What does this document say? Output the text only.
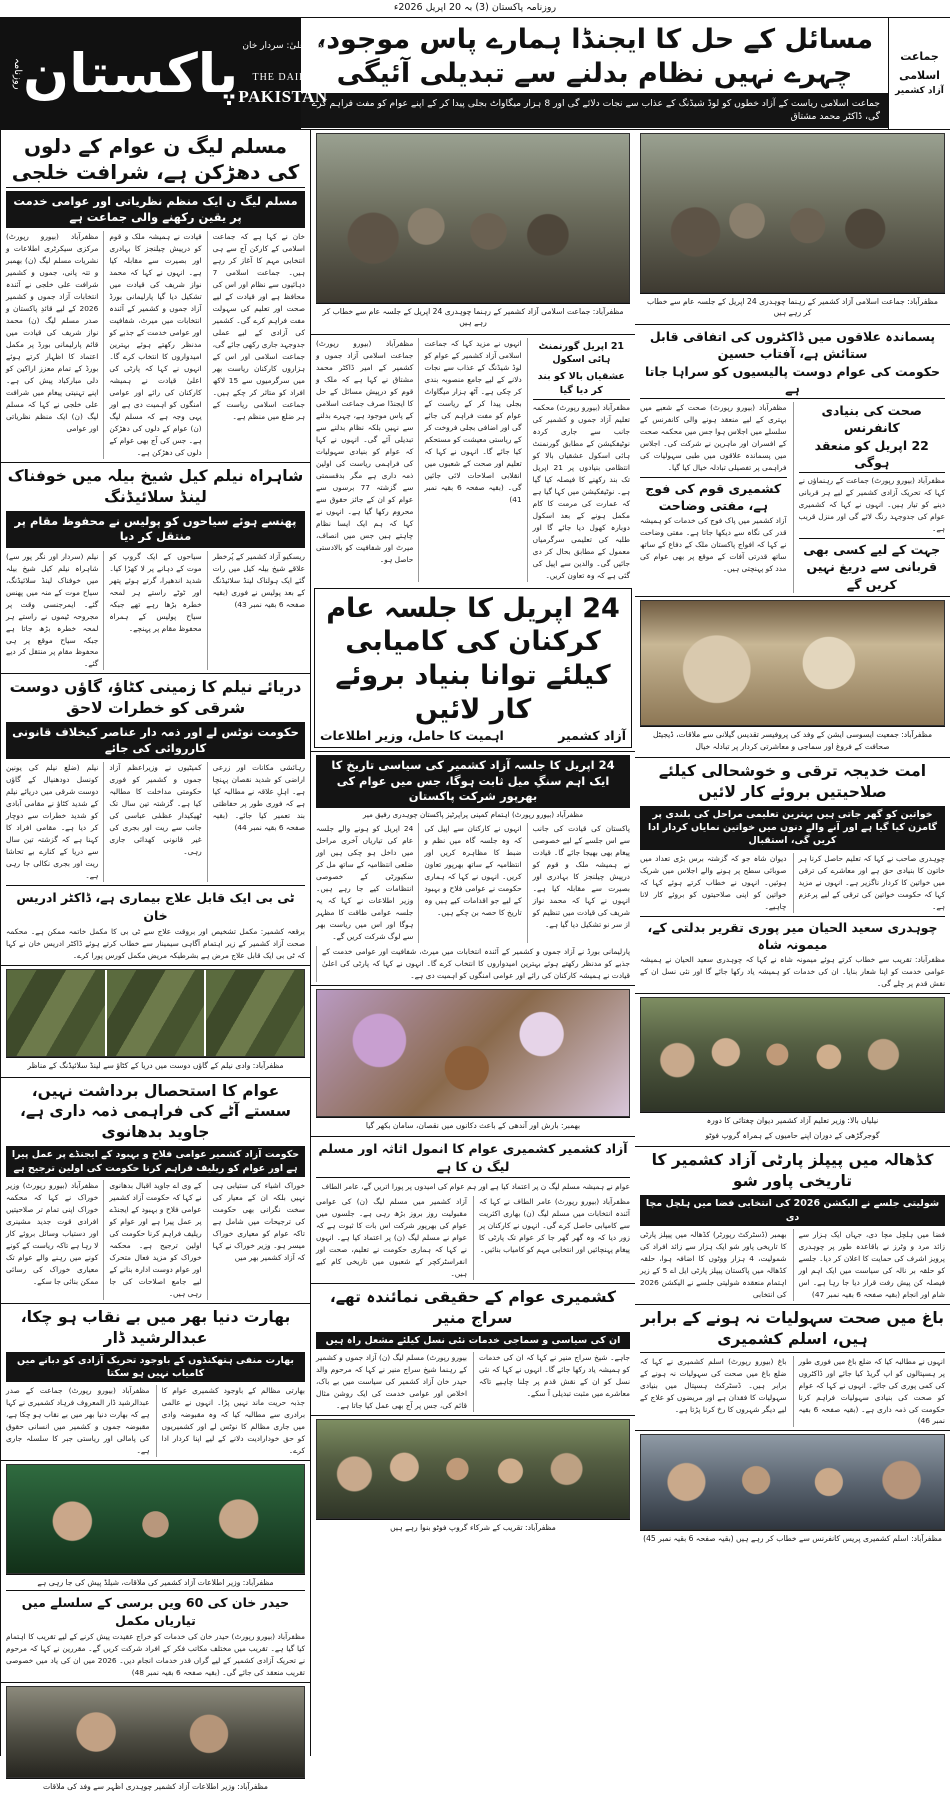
روزنامہ پاکستان (3) بہ 20 اپریل 2026ء
روزنامہ پاکستان مدیر اعلیٰ: سردار خان نیازی
THE DAILY
PAKISTAN
مسائل کے حل کا ایجنڈا ہمارے پاس موجود، چہرے نہیں نظام بدلنے سے تبدیلی آئیگی
جماعت اسلامی ریاست کے آزاد خطوں کو لوڈ شیڈنگ کے عذاب سے نجات دلائے گی اور 8 ہزار میگاواٹ بجلی پیدا کر کے اپنے عوام کو مفت فراہم کرے گی، ڈاکٹر محمد مشتاق
جماعت
اسلامی
آزاد کشمیر
مسلم لیگ ن عوام کے دلوں کی دھڑکن ہے، شرافت خلجی
مسلم لیگ ن ایک منظم نظریاتی اور عوامی خدمت پر یقین رکھنے والی جماعت ہے
مظفرآباد (بیورو رپورٹ) مرکزی سیکرٹری اطلاعات و نشریات مسلم لیگ (ن) بھمبر و تتہ پانی، جموں و کشمیر شرافت علی خلجی نے آئندہ انتخابات آزاد جموں و کشمیر 2026 کے لیے قائدِ پاکستان و صدر مسلم لیگ (ن) محمد نواز شریف کی قیادت میں قائم پارلیمانی بورڈ پر مکمل اعتماد کا اظہار کرتے ہوئے بورڈ کے تمام معزز اراکین کو دلی مبارکباد پیش کی ہے۔ اپنے تہنیتی پیغام میں شرافت علی خلجی نے کہا کہ مسلم لیگ (ن) ایک منظم نظریاتی اور عوامی
قیادت نے ہمیشہ ملک و قوم کو درپیش چیلنجز کا بہادری اور بصیرت سے مقابلہ کیا ہے۔ انہوں نے کہا کہ محمد نواز شریف کی قیادت میں تشکیل دیا گیا پارلیمانی بورڈ آزاد جموں و کشمیر کے آئندہ انتخابات میں میرٹ، شفافیت اور عوامی خدمت کے جذبے کو مدنظر رکھتے ہوئے بہترین امیدواروں کا انتخاب کرے گا۔ انہوں نے کہا کہ پارٹی کی اعلیٰ قیادت نے ہمیشہ کارکنان کی رائے اور عوامی امنگوں کو اہمیت دی ہے اور یہی وجہ ہے کہ مسلم لیگ (ن) عوام کے دلوں کی دھڑکن ہے۔ جس کی آج بھی عوام کے دلوں کی دھڑکن ہے۔
خان نے کہا ہے کہ جماعت اسلامی کے کارکن آج سے ہی انتخابی مہم کا آغاز کر رہے ہیں۔ جماعت اسلامی 7 دہائیوں سے نظام اور اس کی محافظ ہے اور قیادت کے لیے صحت اور تعلیم کی سہولت مفت فراہم کرے گی۔ کشمیر کی آزادی کے لیے عملی جدوجہد جاری رکھی جائے گی، جماعت اسلامی اور اس کے ہزاروں کارکنان ریاست بھر میں سرگرمیوں سے 15 لاکھ افراد کو متاثر کر چکے ہیں۔ جماعت اسلامی ریاست کے ہر ضلع میں منظم ہے۔
شاہراہ نیلم کیل شیخ بیلہ میں خوفناک لینڈ سلائیڈنگ
پھنسے ہوئے سیاحوں کو پولیس نے محفوظ مقام پر منتقل کر دیا
نیلم (سردار اور نگر پور سے) شاہراہ نیلم کیل شیخ بیلہ میں خوفناک لینڈ سلائیڈنگ، سیاح موت کے منہ میں پھنس گئے۔ ایمرجنسی وقت پر مجروحہ ٹیموں نے راستے ہر لمحہ خطرہ بڑھ جاتا ہے جبکہ سیاح موقع پر ہی محفوظ مقام پر منتقل کر دیے گئے۔
سیاحوں کے ایک گروپ کو موت کے دہانے پر لا کھڑا کیا۔ شدید اندھیرا، گرتے ہوئے پتھر اور ٹوٹے راستے ہر لمحہ خطرہ بڑھا رہے تھے جبکہ سیاح پولیس کے ہمراہ محفوظ مقام پر پہنچے۔
ریسکیو آزاد کشمیر کے پُرخطر علاقے شیخ بیلہ کیل میں رات گئے ایک ہولناک لینڈ سلائیڈنگ کے بعد پولیس نے فوری (بقیہ صفحہ 6 بقیہ نمبر 43)
دریائے نیلم کا زمینی کٹاؤ، گاؤں دوست شرقی کو خطرات لاحق
حکومت نوٹس لے اور ذمہ دار عناصر کیخلاف قانونی کارروائی کی جائے
نیلم (ضلع نیلم کی یونین کونسل دودھنیال کے گاؤں دوست شرقی میں دریائے نیلم کے شدید کٹاؤ نے مقامی آبادی کو شدید خطرات سے دوچار کر دیا ہے۔ مقامی افراد کا کہنا ہے کہ گزشتہ تین سال سے دریا کے کنارے بے تحاشا ریت اور بجری نکالی جا رہی ہے۔
کمیٹیوں نے وزیراعظم آزاد جموں و کشمیر کو فوری حکومتی مداخلت کا مطالبہ کیا ہے۔ گزشتہ تین سال تک ٹھیکیدار عظمٰی عباسی کی جانب سے ریت اور بجری کی غیر قانونی کھدائی جاری رہی۔
رہائشی مکانات اور زرعی اراضی کو شدید نقصان پہنچا ہے۔ اہلِ علاقہ نے مطالبہ کیا ہے کہ فوری طور پر حفاظتی بند تعمیر کیا جائے۔ (بقیہ صفحہ 6 بقیہ نمبر 44)
ٹی بی ایک قابل علاج بیماری ہے، ڈاکٹر ادریس خان
برقعہ کشمیر: مکمل تشخیص اور بروقت علاج سے ٹی بی کا مکمل خاتمہ ممکن ہے۔ محکمہ صحت آزاد کشمیر کے زیر اہتمام آگاہی سیمینار سے خطاب کرتے ہوئے ڈاکٹر ادریس خان نے کہا کہ ٹی بی ایک قابل علاج مرض ہے بشرطیکہ مریض مکمل کورس پورا کرے۔
مظفرآباد: وادی نیلم کے گاؤں دوست میں دریا کے کٹاؤ سے لینڈ سلائیڈنگ کے مناظر
عوام کا استحصال برداشت نہیں، سستے آٹے کی فراہمی ذمہ داری ہے، جاوید بدھانوی
حکومت آزاد کشمیر عوامی فلاح و بہبود کے ایجنڈے پر عمل پیرا ہے اور عوام کو ریلیف فراہم کرنا حکومت کی اولین ترجیح ہے
مظفرآباد (بیورو رپورٹ) وزیر خوراک نے کہا کہ محکمہ خوراک اپنی تمام تر صلاحیتیں افرادی قوت جدید مشینری اور دستیاب وسائل بروئے کار لا رہا ہے تاکہ ریاست کے کونے کونے میں رہنے والے عوام تک معیاری خوراک کی رسائی ممکن بنائی جا سکے۔
کے وی اے جاوید اقبال بدھانوی نے کہا کہ حکومت آزاد کشمیر عوامی فلاح و بہبود کے ایجنڈے پر عمل پیرا ہے اور عوام کو ریلیف فراہم کرنا حکومت کی اولین ترجیح ہے۔ محکمہ خوراک کو مزید فعال متحرک اور عوام دوست ادارہ بنانے کے لیے جامع اصلاحات کی جا رہی ہیں۔
خوراک اشیاء کی ستیابی ہی نہیں بلکہ ان کے معیار کی سخت نگرانی بھی حکومت کی ترجیحات میں شامل ہے تاکہ عوام کو معیاری خوراک میسر ہو۔ وزیر خوراک نے کہا کہ آزاد کشمیر بھر میں
بھارت دنیا بھر میں بے نقاب ہو چکا، عبدالرشید ڈار
بھارت منفی ہتھکنڈوں کے باوجود تحریک آزادی کو دبانے میں کامیاب نہیں ہو سکتا
مظفرآباد (بیورو رپورٹ) جماعت کے صدر عبدالرشید ڈار المعروف فرہاد کشمیری نے کہا ہے کہ بھارت دنیا بھر میں بے نقاب ہو چکا ہے، مقبوضہ جموں و کشمیر میں انسانی حقوق کی پامالی اور ریاستی جبر کا سلسلہ جاری ہے۔
بھارتی مظالم کے باوجود کشمیری عوام کا جذبہ حریت ماند نہیں پڑا۔ انہوں نے عالمی برادری سے مطالبہ کیا کہ وہ مقبوضہ وادی میں جاری مظالم کا نوٹس لے اور کشمیریوں کو حق خودارادیت دلانے کے لیے اپنا کردار ادا کرے۔
مظفرآباد: وزیر اطلاعات آزاد کشمیر کی ملاقات، شیلڈ پیش کی جا رہی ہے
حیدر خان کی 60 ویں برسی کے سلسلے میں تیاریاں مکمل
مظفرآباد (بیورو رپورٹ) حیدر خان کی خدمات کو خراج عقیدت پیش کرنے کے لیے تقریب کا اہتمام کیا گیا ہے۔ تقریب میں مختلف مکاتب فکر کے افراد شرکت کریں گے۔ مقررین نے کہا کہ مرحوم نے تحریک آزادی کشمیر کے لیے گراں قدر خدمات انجام دیں۔ 2026 میں ان کی یاد میں خصوصی تقریب منعقد کی جائے گی۔ (بقیہ صفحہ 6 بقیہ نمبر 48)
مظفرآباد: وزیر اطلاعات آزاد کشمیر چوہدری اظہر سے وفد کی ملاقات
مظفرآباد: جماعت اسلامی آزاد کشمیر کے رہنما چوہدری 24 اپریل کے جلسہ عام سے خطاب کر رہے ہیں
مظفرآباد (بیورو رپورٹ) جماعت اسلامی آزاد جموں و کشمیر کے امیر ڈاکٹر محمد مشتاق نے کہا ہے کہ ملک و قوم کو درپیش مسائل کے حل کا ایجنڈا صرف جماعت اسلامی کے پاس موجود ہے، چہرے بدلنے سے نہیں بلکہ نظام بدلنے سے تبدیلی آئے گی۔ انہوں نے کہا کہ عوام کو بنیادی سہولیات کی فراہمی ریاست کی اولین ذمہ داری ہے مگر بدقسمتی سے گزشتہ 77 برسوں سے عوام کو ان کے جائز حقوق سے محروم رکھا گیا ہے۔ انہوں نے کہا کہ ہم ایک ایسا نظام چاہتے ہیں جس میں انصاف، میرٹ اور شفافیت کو بالادستی حاصل ہو۔
انہوں نے مزید کہا کہ جماعت اسلامی آزاد کشمیر کے عوام کو لوڈ شیڈنگ کے عذاب سے نجات دلانے کے لیے جامع منصوبہ بندی کر چکی ہے۔ آٹھ ہزار میگاواٹ بجلی پیدا کر کے ریاست کے عوام کو مفت فراہم کی جائے گی اور اضافی بجلی فروخت کر کے ریاستی معیشت کو مستحکم کیا جائے گا۔ انہوں نے کہا کہ تعلیم اور صحت کے شعبوں میں انقلابی اصلاحات لائی جائیں گی۔ (بقیہ صفحہ 6 بقیہ نمبر 41)
21 اپریل گورنمنٹ ہائی اسکول
عشقیاں بالا کو بند کر دیا گیا
مظفرآباد (بیورو رپورٹ) محکمہ تعلیم آزاد جموں و کشمیر کی جانب سے جاری کردہ نوٹیفکیشن کے مطابق گورنمنٹ ہائی اسکول عشقیاں بالا کو انتظامی بنیادوں پر 21 اپریل تک بند رکھنے کا فیصلہ کیا گیا ہے۔ نوٹیفکیشن میں کہا گیا ہے کہ عمارت کی مرمت کا کام مکمل ہونے کے بعد اسکول دوبارہ کھول دیا جائے گا اور طلبہ کی تعلیمی سرگرمیاں معمول کے مطابق بحال کر دی جائیں گی۔ والدین سے اپیل کی گئی ہے کہ وہ تعاون کریں۔
24 اپریل کا جلسہ عام کرکنان کی کامیابی کیلئے توانا بنیاد بروئے کار لائیں
اہمیت کا حامل، وزیر اطلاعات	آزاد کشمیر
24 اپریل کا جلسہ آزاد کشمیر کی سیاسی تاریخ کا ایک اہم سنگِ میل ثابت ہوگا، جس میں عوام کی بھرپور شرکت پاکستان
مظفرآباد (بیورو رپورٹ) اہتمام کمپنی پراپرٹیز پاکستان چوہدری رفیق میر
24 اپریل کو ہونے والے جلسہ عام کی تیاریاں آخری مراحل میں داخل ہو چکی ہیں اور ضلعی انتظامیہ کے ساتھ مل کر سکیورٹی کے خصوصی انتظامات کیے جا رہے ہیں۔ وزیر اطلاعات نے کہا کہ یہ جلسہ عوامی طاقت کا مظہر ہوگا اور اس میں ریاست بھر سے لوگ شرکت کریں گے۔
انہوں نے کارکنان سے اپیل کی کہ وہ جلسہ گاہ میں نظم و ضبط کا مظاہرہ کریں اور انتظامیہ کے ساتھ بھرپور تعاون کریں۔ انہوں نے کہا کہ ہماری حکومت نے عوامی فلاح و بہبود کے لیے جو اقدامات کیے ہیں وہ تاریخ کا حصہ بن چکے ہیں۔
پاکستان کی قیادت کی جانب سے اس جلسے کے لیے خصوصی پیغام بھی بھیجا جائے گا۔ قیادت نے ہمیشہ ملک و قوم کو درپیش چیلنجز کا بہادری اور بصیرت سے مقابلہ کیا ہے۔ انہوں نے کہا کہ محمد نواز شریف کی قیادت میں تنظیم کو از سر نو تشکیل دیا گیا ہے۔
پارلیمانی بورڈ نے آزاد جموں و کشمیر کے آئندہ انتخابات میں میرٹ، شفافیت اور عوامی خدمت کے جذبے کو مدنظر رکھتے ہوئے بہترین امیدواروں کا انتخاب کرے گا۔ انہوں نے کہا کہ پارٹی کی اعلیٰ قیادت نے ہمیشہ کارکنان کی رائے اور عوامی امنگوں کو اہمیت دی ہے۔
بھمبر: بارش اور آندھی کے باعث دکانوں میں نقصان، سامان بکھر گیا
آزاد کشمیر کشمیری عوام کا انمول اثاثہ اور مسلم لیگ ن کا ہے
عوام نے ہمیشہ مسلم لیگ ن پر اعتماد کیا ہے اور ہم عوام کی امیدوں پر پورا اتریں گے، عامر الطاف
آزاد کشمیر میں مسلم لیگ (ن) کی عوامی مقبولیت روز بروز بڑھ رہی ہے۔ جلسوں میں عوام کی بھرپور شرکت اس بات کا ثبوت ہے کہ عوام نے مسلم لیگ (ن) پر اعتماد کیا ہے۔ انہوں نے کہا کہ ہماری حکومت نے تعلیم، صحت اور انفراسٹرکچر کے شعبوں میں تاریخی کام کیے ہیں۔
مظفرآباد (بیورو رپورٹ) عامر الطاف نے کہا کہ آئندہ انتخابات میں مسلم لیگ (ن) بھاری اکثریت سے کامیابی حاصل کرے گی۔ انہوں نے کارکنان پر زور دیا کہ وہ گھر گھر جا کر عوام تک پارٹی کا پیغام پہنچائیں اور انتخابی مہم کو کامیاب بنائیں۔
کشمیری عوام کے حقیقی نمائندہ تھے، سراج منیر
ان کی سیاسی و سماجی خدمات نئی نسل کیلئے مشعل راہ ہیں
بیورو رپورٹ) مسلم لیگ (ن) آزاد جموں و کشمیر کے رہنما شیخ سراج منیر نے کہا کہ مرحوم والد حیدر خان آزاد کشمیر کی سیاست میں بے باک، اخلاص اور عوامی خدمت کی ایک روشن مثال قائم کی، جس پر آج بھی عمل کیا جاتا ہے۔
جاہے۔ شیخ سراج منیر نے کہا کہ ان کی خدمات کو ہمیشہ یاد رکھا جائے گا۔ انہوں نے کہا کہ نئی نسل کو ان کے نقش قدم پر چلنا چاہیے تاکہ معاشرے میں مثبت تبدیلی آ سکے۔
مظفرآباد: تقریب کے شرکاء گروپ فوٹو بنوا رہے ہیں
مظفرآباد: جماعت اسلامی آزاد کشمیر کے رہنما چوہدری 24 اپریل کے جلسہ عام سے خطاب کر رہے ہیں
پسماندہ علاقوں میں ڈاکٹروں کی اتفاقی قابل ستائش ہے، آفتاب حسین
حکومت کی عوام دوست پالیسیوں کو سراہا جاتا ہے
مظفرآباد (بیورو رپورٹ) صحت کے شعبے میں بہتری کے لیے منعقد ہونے والی کانفرنس کے سلسلے میں اجلاس ہوا جس میں محکمہ صحت کے افسران اور ماہرین نے شرکت کی۔ اجلاس میں پسماندہ علاقوں میں طبی سہولیات کی فراہمی پر تفصیلی تبادلہ خیال کیا گیا۔
کشمیری قوم کی فوج ہے، مفتی وضاحت
آزاد کشمیر میں پاک فوج کی خدمات کو ہمیشہ قدر کی نگاہ سے دیکھا جاتا ہے۔ مفتی وضاحت نے کہا کہ افواج پاکستان ملک کے دفاع کے ساتھ ساتھ قدرتی آفات کے موقع پر بھی عوام کی مدد کو پہنچتی ہیں۔
صحت کی بنیادی کانفرنس
22 اپریل کو منعقد ہوگی
مظفرآباد (بیورو رپورٹ) جماعت کے رہنماؤں نے کہا کہ تحریک آزادی کشمیر کے لیے ہر قربانی دینے کو تیار ہیں۔ انہوں نے کہا کہ کشمیری عوام کی جدوجہد رنگ لائے گی اور منزل قریب ہے۔
جہت کے لیے کسی بھی قربانی سے دریغ نہیں کریں گے
مظفرآباد: جمعیت ایسوسی ایشن کے وفد کی پروفیسر تقدیس گیلانی سے ملاقات، ڈیجیٹل صحافت کے فروغ اور سماجی و معاشرتی کردار پر تبادلہ خیال
امت خدیجہ ترقی و خوشحالی کیلئے صلاحیتیں بروئے کار لائیں
خواتین کو گھر جاتی ہیں بہترین تعلیمی مراحل کی بلندی پر گامزن کیا گیا ہے اور آنے والے دنوں میں خواتین نمایاں کردار ادا کریں گی، استقبال
دیوان شاہ جو کہ گزشتہ برس بڑی تعداد میں صوبائی سطح پر ہونے والے اجلاس میں شریک ہوئیں۔ انہوں نے خطاب کرتے ہوئے کہا کہ خواتین کو اپنی صلاحیتوں کو بروئے کار لانا چاہیے۔
چوہدری صاحب نے کہا کہ تعلیم حاصل کرنا ہر خاتون کا بنیادی حق ہے اور معاشرے کی ترقی میں خواتین کا کردار ناگزیر ہے۔ انہوں نے مزید کہا کہ حکومت خواتین کی ترقی کے لیے پرعزم ہے۔
چوہدری سعید الحیان میر پوری تقریر بدلتی کے، میمونہ شاہ
مظفرآباد: تقریب سے خطاب کرتے ہوئے میمونہ شاہ نے کہا کہ چوہدری سعید الحیان نے ہمیشہ عوامی خدمت کو اپنا شعار بنایا۔ ان کی خدمات کو ہمیشہ یاد رکھا جائے گا اور نئی نسل ان کے نقش قدم پر چلے گی۔
نیلیاں بالا: وزیر تعلیم آزاد کشمیر دیوان چغتائی کا دورہ
گوجرگڑھی کے دوران اپنے حامیوں کے ہمراہ گروپ فوٹو
کڈھالہ میں پیپلز پارٹی آزاد کشمیر کا تاریخی پاور شو
شولیتی جلسے نے الیکشن 2026 کی انتخابی فضا میں ہلچل مچا دی
بھمبر (ڈسٹرکٹ رپورٹر) کڈھالہ میں پیپلز پارٹی کا تاریخی پاور شو ایک ہزار سے زائد افراد کی شمولیت، 4 ہزار ووٹوں کا اضافہ ہوا، حلقہ کڈھالہ میں پاکستان پیپلز پارٹی ایل اے 5 کے زیر اہتمام منعقدہ شولیتی جلسے نے الیکشن 2026 کی انتخابی
فضا میں ہلچل مچا دی، جہاں ایک ہزار سے زائد مرد و وٹرز نے باقاعدہ طور پر چوہدری پرویز اشرف کی حمایت کا اعلان کر دیا۔ جلسے کو حلقہ بر نالہ کی سیاست میں ایک اہم اور فیصلہ کن پیش رفت قرار دیا جا رہا ہے۔ اس شام اور انجام (بقیہ صفحہ 6 بقیہ نمبر 47)
باغ میں صحت سہولیات نہ ہونے کے برابر ہیں، اسلم کشمیری
باغ (بیورو رپورٹ) اسلم کشمیری نے کہا کہ ضلع باغ میں صحت کی سہولیات نہ ہونے کے برابر ہیں۔ ڈسٹرکٹ ہسپتال میں بنیادی سہولیات کا فقدان ہے اور مریضوں کو علاج کے لیے دیگر شہروں کا رخ کرنا پڑتا ہے۔
انہوں نے مطالبہ کیا کہ ضلع باغ میں فوری طور پر ہسپتالوں کو اپ گریڈ کیا جائے اور ڈاکٹروں کی کمی پوری کی جائے۔ انہوں نے کہا کہ عوام کو صحت کی بنیادی سہولیات فراہم کرنا حکومت کی ذمہ داری ہے۔ (بقیہ صفحہ 6 بقیہ نمبر 46)
مظفرآباد: اسلم کشمیری پریس کانفرنس سے خطاب کر رہے ہیں (بقیہ صفحہ 6 بقیہ نمبر 45)
